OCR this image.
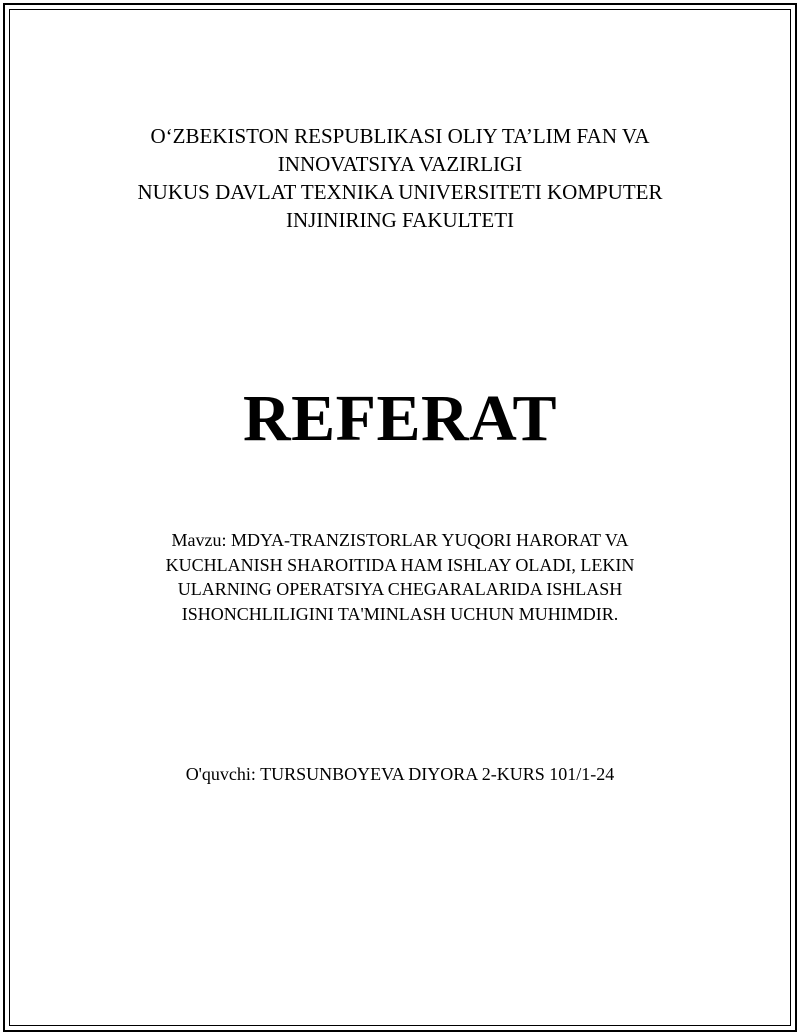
O‘ZBEKISTON RESPUBLIKASI OLIY TA’LIM FAN VA
INNOVATSIYA VAZIRLIGI
NUKUS DAVLAT TEXNIKA UNIVERSITETI KOMPUTER
INJINIRING FAKULTETI
REFERAT
Mavzu: MDYA-TRANZISTORLAR YUQORI HARORAT VA
KUCHLANISH SHAROITIDA HAM ISHLAY OLADI, LEKIN
ULARNING OPERATSIYA CHEGARALARIDA ISHLASH
ISHONCHLILIGINI TA'MINLASH UCHUN MUHIMDIR.
O'quvchi: TURSUNBOYEVA DIYORA 2-KURS 101/1-24
